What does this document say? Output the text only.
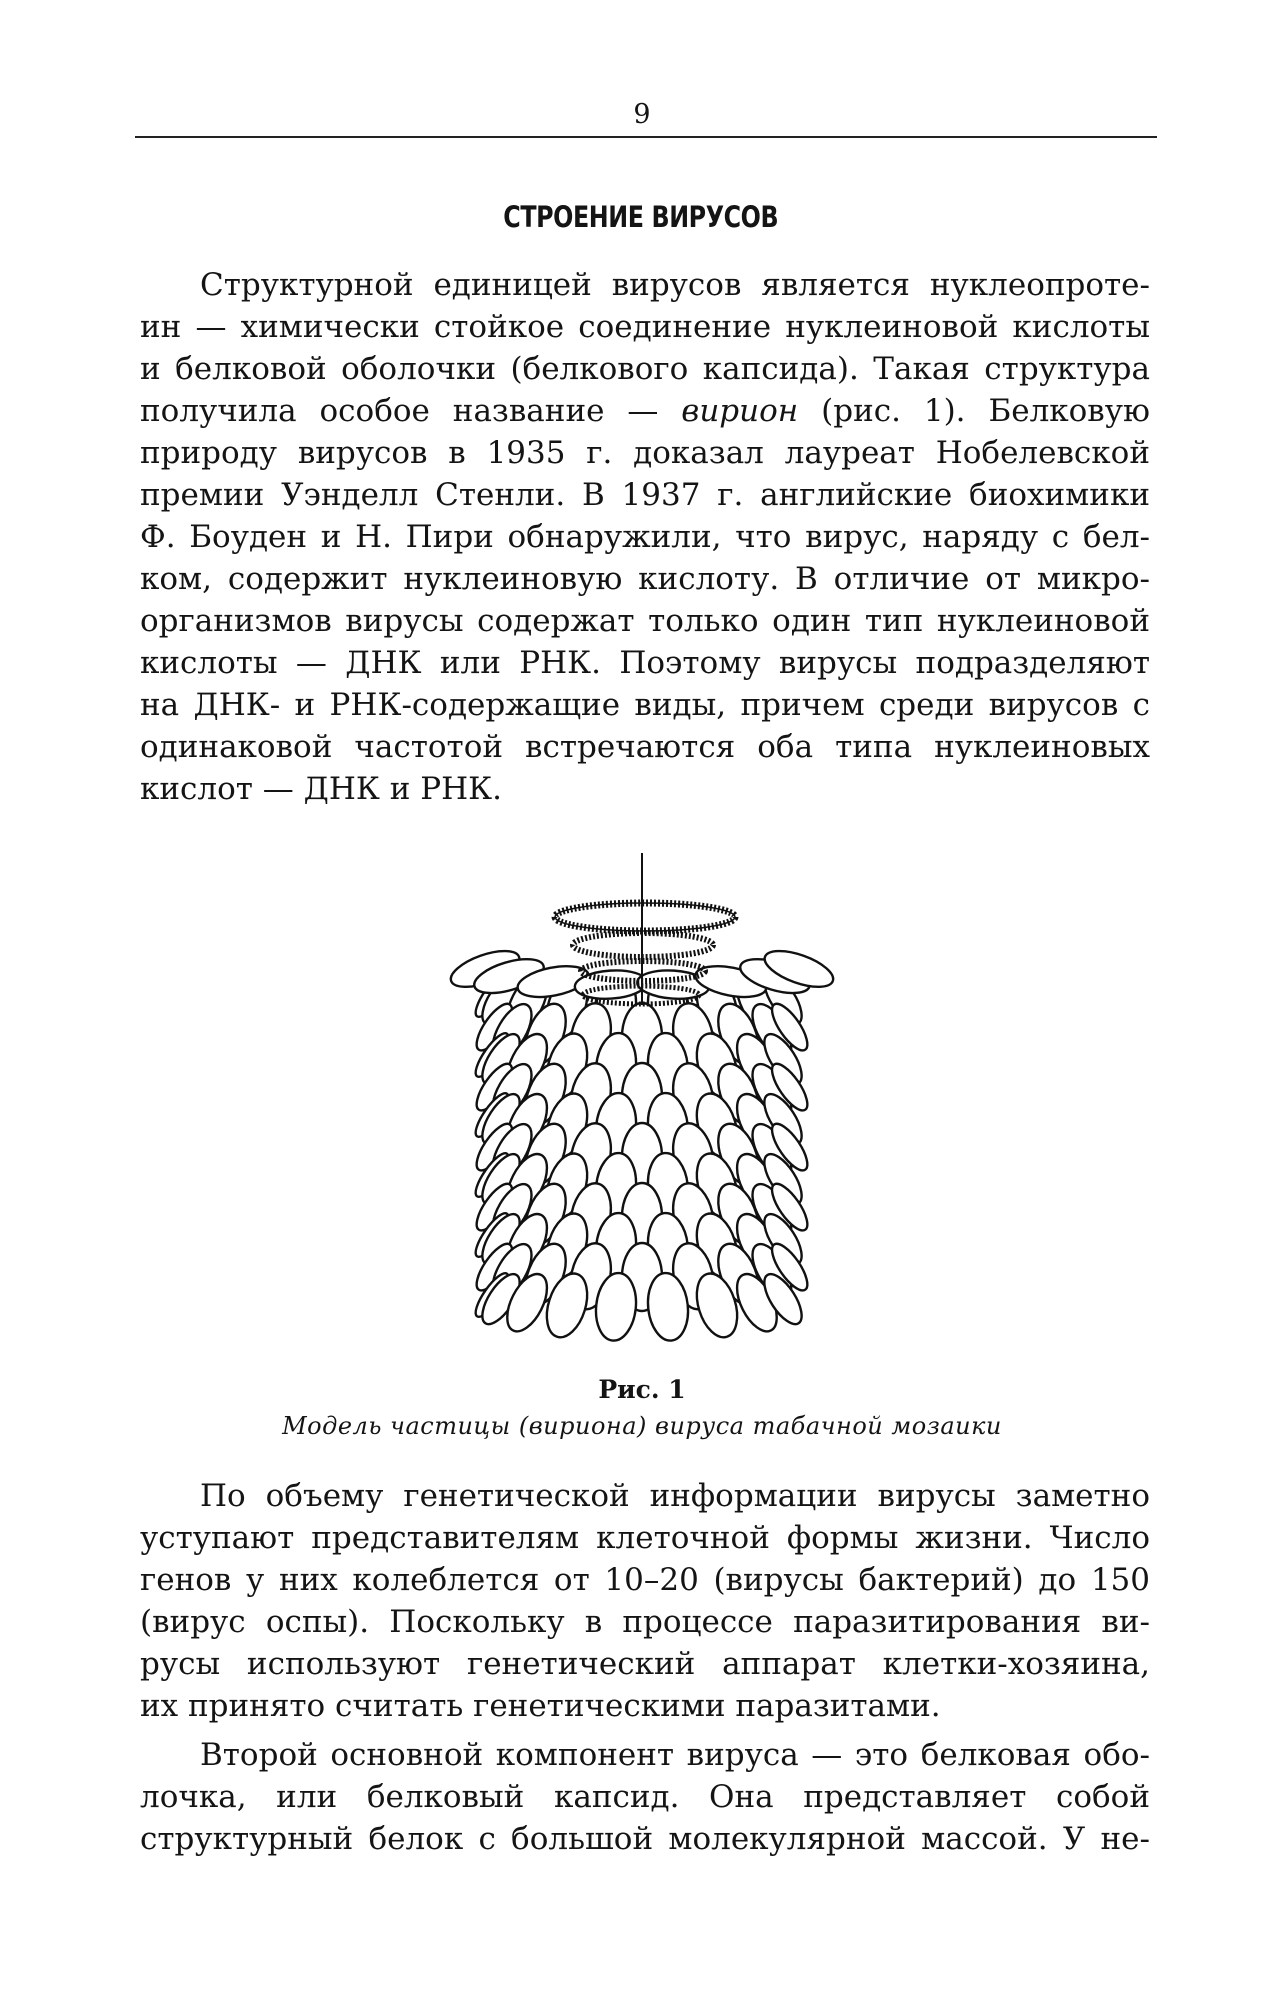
9
СТРОЕНИЕ ВИРУСОВ
Структурной единицей вирусов является нуклеопроте-
ин — химически стойкое соединение нуклеиновой кислоты
и белковой оболочки (белкового капсида). Такая структура
получила особое название — вирион (рис. 1). Белковую
природу вирусов в 1935 г. доказал лауреат Нобелевской
премии Уэнделл Стенли. В 1937 г. английские биохимики
Ф. Боуден и Н. Пири обнаружили, что вирус, наряду с бел-
ком, содержит нуклеиновую кислоту. В отличие от микро-
организмов вирусы содержат только один тип нуклеиновой
кислоты — ДНК или РНК. Поэтому вирусы подразделяют
на ДНК- и РНК-содержащие виды, причем среди вирусов с
одинаковой частотой встречаются оба типа нуклеиновых
кислот — ДНК и РНК.
Рис. 1
Модель частицы (вириона) вируса табачной мозаики
По объему генетической информации вирусы заметно
уступают представителям клеточной формы жизни. Число
генов у них колеблется от 10–20 (вирусы бактерий) до 150
(вирус оспы). Поскольку в процессе паразитирования ви-
русы используют генетический аппарат клетки-хозяина,
их принято считать генетическими паразитами.
Второй основной компонент вируса — это белковая обо-
лочка, или белковый капсид. Она представляет собой
структурный белок с большой молекулярной массой. У не-
